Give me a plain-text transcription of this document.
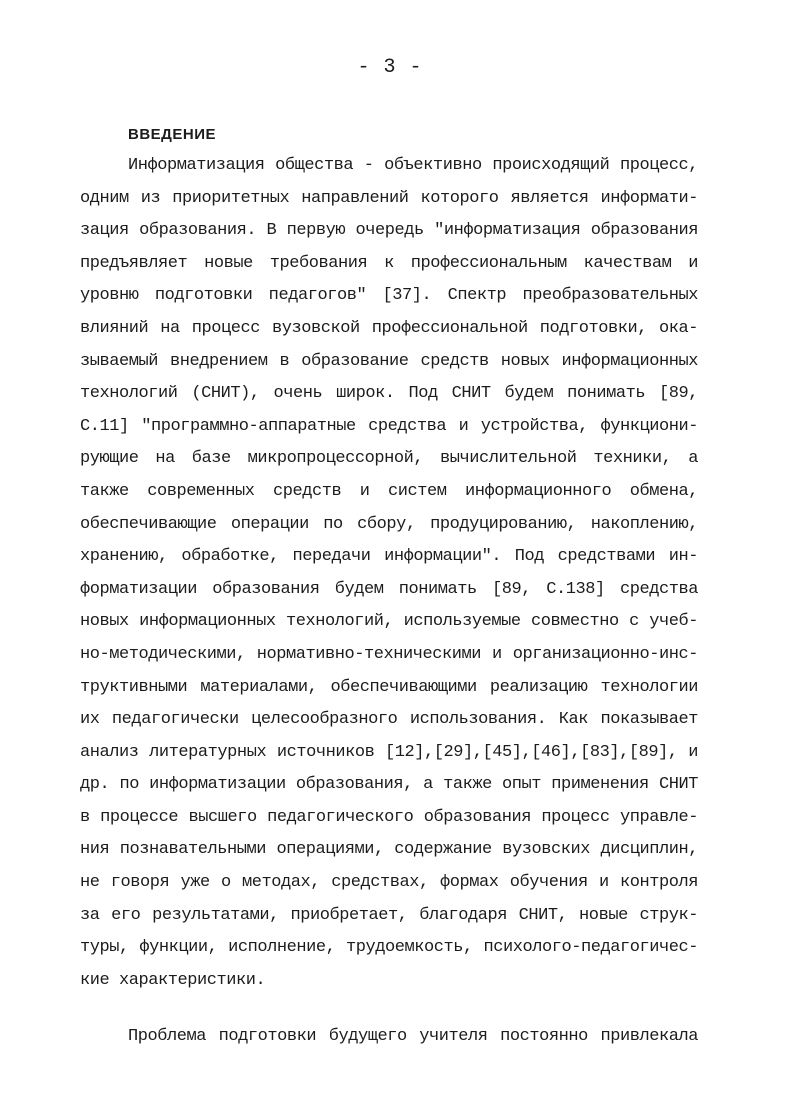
- 3 -
ВВЕДЕНИЕ
Информатизация общества - объективно происходящий процесс,
одним из приоритетных направлений которого является информати-
зация образования. В первую очередь "информатизация образования
предъявляет новые требования к профессиональным качествам и
уровню подготовки педагогов" [37]. Спектр преобразовательных
влияний на процесс вузовской профессиональной подготовки, ока-
зываемый внедрением в образование средств новых информационных
технологий (СНИТ), очень широк. Под СНИТ будем понимать [89,
С.11] "программно-аппаратные средства и устройства, функциони-
рующие на базе микропроцессорной, вычислительной техники, а
также современных средств и систем информационного обмена,
обеспечивающие операции по сбору, продуцированию, накоплению,
хранению, обработке, передачи информации". Под средствами ин-
форматизации образования будем понимать [89, С.138] средства
новых информационных технологий, используемые совместно с учеб-
но-методическими, нормативно-техническими и организационно-инс-
труктивными материалами, обеспечивающими реализацию технологии
их педагогически целесообразного использования. Как показывает
анализ литературных источников [12],[29],[45],[46],[83],[89], и
др. по информатизации образования, а также опыт применения СНИТ
в процессе высшего педагогического образования процесс управле-
ния познавательными операциями, содержание вузовских дисциплин,
не говоря уже о методах, средствах, формах обучения и контроля
за его результатами, приобретает, благодаря СНИТ, новые струк-
туры, функции, исполнение, трудоемкость, психолого-педагогичес-
кие характеристики.
Проблема подготовки будущего учителя постоянно привлекала
